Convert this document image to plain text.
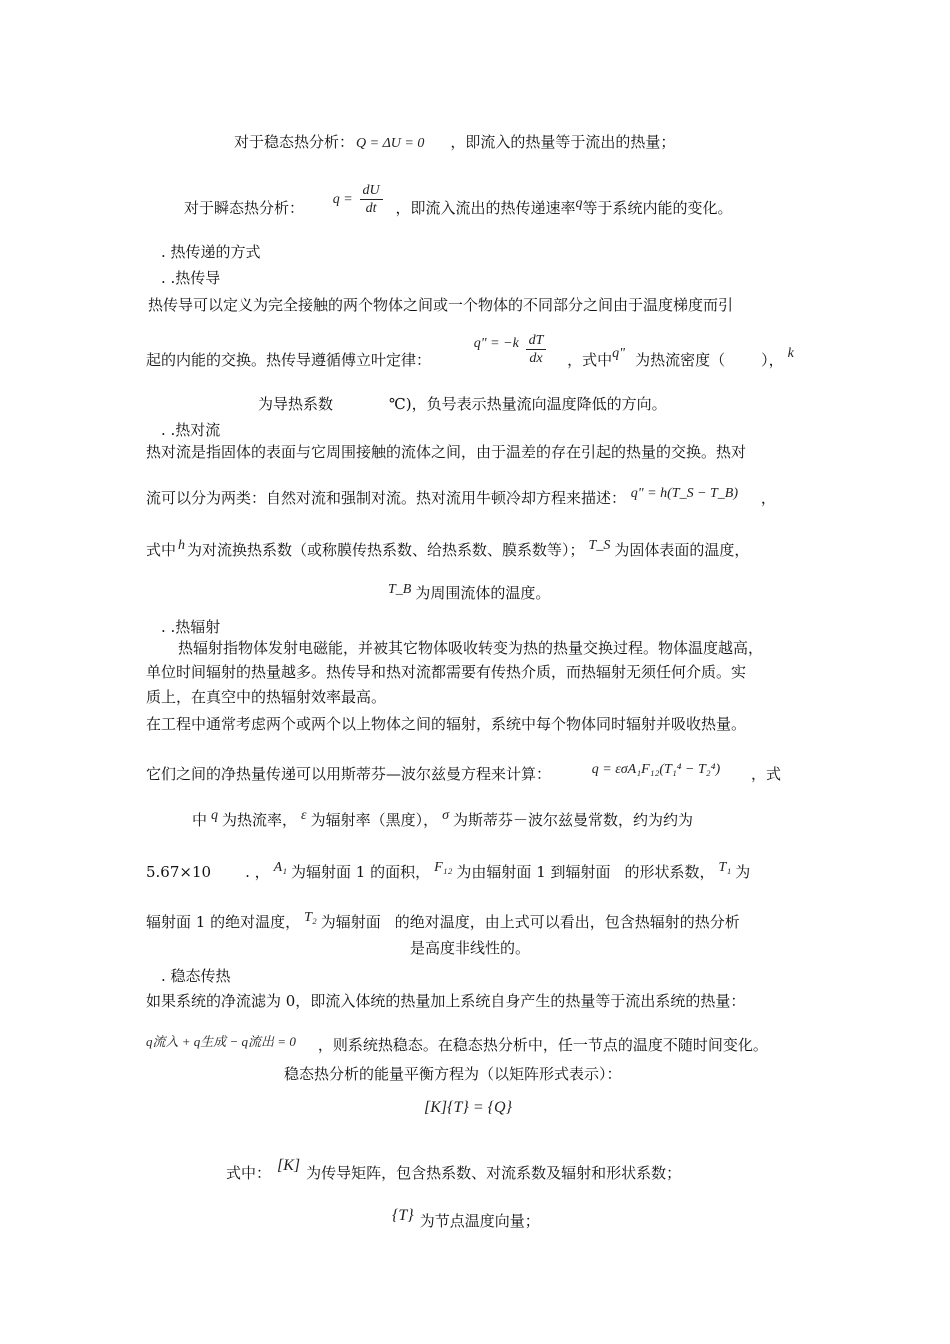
对于稳态热分析： Q = ΔU = 0 ，即流入的热量等于流出的热量；
对于瞬态热分析： $q = \frac{dU}{dt}$ ，即流入流出的热传递速率q等于系统内能的变化。
. 热传递的方式
. .热传导
热传导可以定义为完全接触的两个物体之间或一个物体的不同部分之间由于温度梯度而引
起的内能的交换。热传导遵循傅立叶定律： q" = $-k \frac{dT}{dx}$ ，式中q" 为热流密度（ ）， k
为导热系数	℃)，负号表示热量流向温度降低的方向。
. .热对流
热对流是指固体的表面与它周围接触的流体之间，由于温差的存在引起的热量的交换。热对
流可以分为两类：自然对流和强制对流。热对流用牛顿冷却方程来描述： q" = h(T_S − T_B) ，
式中 h 为对流换热系数（或称膜传热系数、给热系数、膜系数等）； T_S 为固体表面的温度，
T_B 为周围流体的温度。
. .热辐射
热辐射指物体发射电磁能，并被其它物体吸收转变为热的热量交换过程。物体温度越高，
单位时间辐射的热量越多。热传导和热对流都需要有传热介质，而热辐射无须任何介质。实
质上，在真空中的热辐射效率最高。
在工程中通常考虑两个或两个以上物体之间的辐射，系统中每个物体同时辐射并吸收热量。
它们之间的净热量传递可以用斯蒂芬—波尔兹曼方程来计算：	q = εσA₁F₁₂(T₁⁴ − T₂⁴) ，式
中 q 为热流率， ε 为辐射率（黑度）， σ 为斯蒂芬－波尔兹曼常数，约为约为
5.67×10 . ， A₁ 为辐射面 1 的面积， F₁₂ 为由辐射面 1 到辐射面 的形状系数， T₁ 为
辐射面 1 的绝对温度， T₂ 为辐射面 的绝对温度，由上式可以看出，包含热辐射的热分析
是高度非线性的。
. 稳态传热
如果系统的净流滤为 0，即流入体统的热量加上系统自身产生的热量等于流出系统的热量：
q流入 + q生成 − q流出 = 0 ，则系统热稳态。在稳态热分析中，任一节点的温度不随时间变化。
稳态热分析的能量平衡方程为（以矩阵形式表示）：
[K]{T} = {Q}
式中： [K] 为传导矩阵，包含热系数、对流系数及辐射和形状系数；
{T} 为节点温度向量；
